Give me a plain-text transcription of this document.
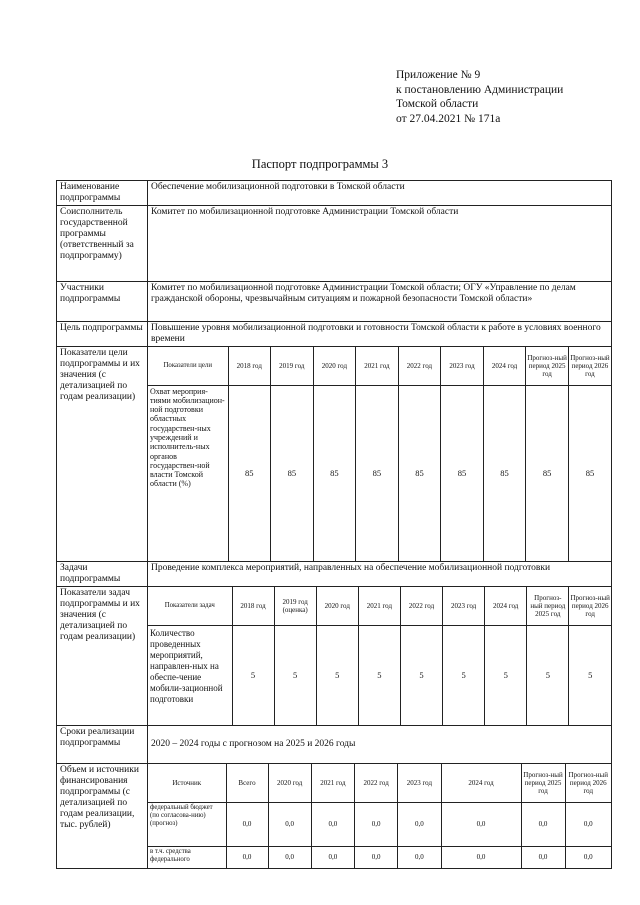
Приложение № 9
к постановлению Администрации
Томской области
от 27.04.2021 № 171а
Паспорт подпрограммы 3
Наименование подпрограммы	Обеспечение мобилизационной подготовки в Томской области
Соисполнитель государственной программы (ответственный за подпрограмму)	Комитет по мобилизационной подготовке Администрации Томской области
Участники подпрограммы	Комитет по мобилизационной подготовке Администрации Томской области; ОГУ «Управление по делам гражданской обороны, чрезвычайным ситуациям и пожарной безопасности Томской области»
Цель подпрограммы	Повышение уровня мобилизационной подготовки и готовности Томской области к работе в условиях военного времени
Показатели цели подпрограммы и их значения (с детализацией по годам реализации)	
Показатели цели	2018 год	2019 год	2020 год	2021 год	2022 год	2023 год	2024 год	Прогноз-ный период 2025 год	Прогноз-ный период 2026 год
Охват мероприя-тиями мобилизацион-ной подготовки областных государствен-ных учреждений и исполнитель-ных органов государствен-ной власти Томской области (%)	85	85	85	85	85	85	85	85	85

Задачи подпрограммы	Проведение комплекса мероприятий, направленных на обеспечение мобилизационной подготовки
Показатели задач подпрограммы и их значения (с детализацией по годам реализации)	
Показатели задач	2018 год	2019 год (оценка)	2020 год	2021 год	2022 год	2023 год	2024 год	Прогноз-ный период 2025 год	Прогноз-ный период 2026 год
Количество проведенных мероприятий, направлен-ных на обеспе-чение мобили-зационной подготовки	5	5	5	5	5	5	5	5	5

Сроки реализации подпрограммы	2020 – 2024 годы с прогнозом на 2025 и 2026 годы
Объем и источники финансирования подпрограммы (с детализацией по годам реализации, тыс. рублей)	
Источник	Всего	2020 год	2021 год	2022 год	2023 год	2024 год	Прогноз-ный период 2025 год	Прогноз-ный период 2026 год
федеральный бюджет (по согласова-нию) (прогноз)	0,0	0,0	0,0	0,0	0,0	0,0	0,0	0,0
в т.ч. средства федерального	0,0	0,0	0,0	0,0	0,0	0,0	0,0	0,0
